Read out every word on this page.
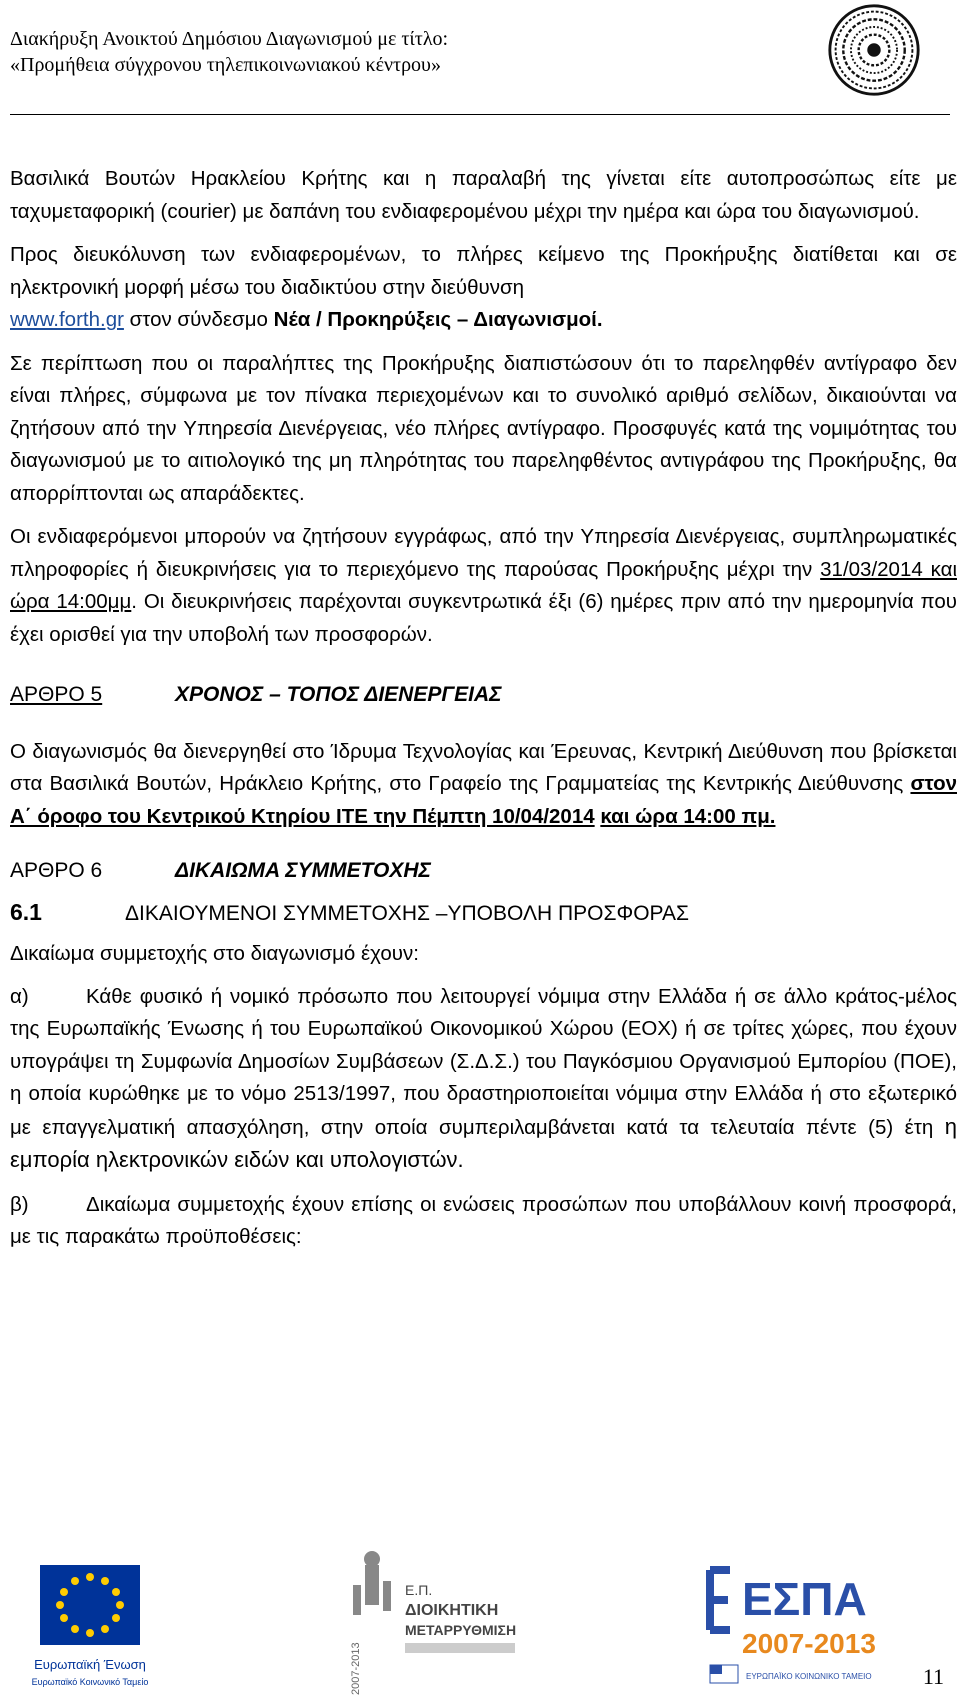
Διακήρυξη Ανοικτού Δημόσιου Διαγωνισμού με τίτλο:
«Προμήθεια σύγχρονου τηλεπικοινωνιακού κέντρου»

Βασιλικά Βουτών Ηρακλείου Κρήτης και η παραλαβή της γίνεται είτε αυτοπροσώπως είτε με ταχυμεταφορική (courier) με δαπάνη του ενδιαφερομένου μέχρι την ημέρα και ώρα του διαγωνισμού.

Προς διευκόλυνση των ενδιαφερομένων, το πλήρες κείμενο της Προκήρυξης διατίθεται και σε ηλεκτρονική μορφή μέσω του διαδικτύου στην διεύθυνση
www.forth.gr στον σύνδεσμο Νέα / Προκηρύξεις – Διαγωνισμοί.

Σε περίπτωση που οι παραλήπτες της Προκήρυξης διαπιστώσουν ότι το παρεληφθέν αντίγραφο δεν είναι πλήρες, σύμφωνα με τον πίνακα περιεχομένων και το συνολικό αριθμό σελίδων, δικαιούνται να ζητήσουν από την Υπηρεσία Διενέργειας, νέο πλήρες αντίγραφο. Προσφυγές κατά της νομιμότητας του διαγωνισμού με το αιτιολογικό της μη πληρότητας του παρεληφθέντος αντιγράφου της Προκήρυξης, θα απορρίπτονται ως απαράδεκτες.

Οι ενδιαφερόμενοι μπορούν να ζητήσουν εγγράφως, από την Υπηρεσία Διενέργειας, συμπληρωματικές πληροφορίες ή διευκρινήσεις για το περιεχόμενο της παρούσας Προκήρυξης μέχρι την 31/03/2014 και ώρα 14:00μμ. Οι διευκρινήσεις παρέχονται συγκεντρωτικά έξι (6) ημέρες πριν από την ημερομηνία που έχει ορισθεί για την υποβολή των προσφορών.

ΑΡΘΡΟ 5	ΧΡΟΝΟΣ – ΤΟΠΟΣ ΔΙΕΝΕΡΓΕΙΑΣ

Ο διαγωνισμός θα διενεργηθεί στο Ίδρυμα Τεχνολογίας και Έρευνας, Κεντρική Διεύθυνση που βρίσκεται στα Βασιλικά Βουτών, Ηράκλειο Κρήτης, στο Γραφείο της Γραμματείας της Κεντρικής Διεύθυνσης στον Α΄ όροφο του Κεντρικού Κτηρίου ΙΤΕ την Πέμπτη 10/04/2014 και ώρα 14:00 πμ.

ΑΡΘΡΟ 6	ΔΙΚΑΙΩΜΑ ΣΥΜΜΕΤΟΧΗΣ
6.1	ΔΙΚΑΙΟΥΜΕΝΟΙ ΣΥΜΜΕΤΟΧΗΣ –ΥΠΟΒΟΛΗ ΠΡΟΣΦΟΡΑΣ

Δικαίωμα συμμετοχής στο διαγωνισμό έχουν:

α)	Κάθε φυσικό ή νομικό πρόσωπο που λειτουργεί νόμιμα στην Ελλάδα ή σε άλλο κράτος-μέλος της Ευρωπαϊκής Ένωσης ή του Ευρωπαϊκού Οικονομικού Χώρου (ΕΟΧ) ή σε τρίτες χώρες, που έχουν υπογράψει τη Συμφωνία Δημοσίων Συμβάσεων (Σ.Δ.Σ.) του Παγκόσμιου Οργανισμού Εμπορίου (ΠΟΕ), η οποία κυρώθηκε με το νόμο 2513/1997, που δραστηριοποιείται νόμιμα στην Ελλάδα ή στο εξωτερικό με επαγγελματική απασχόληση, στην οποία συμπεριλαμβάνεται κατά τα τελευταία πέντε (5) έτη η εμπορία ηλεκτρονικών ειδών και υπολογιστών.

β)	Δικαίωμα συμμετοχής έχουν επίσης οι ενώσεις προσώπων που υποβάλλουν κοινή προσφορά, με τις παρακάτω προϋποθέσεις:

Ευρωπαϊκή Ένωση
Ευρωπαϊκό Κοινωνικό Ταμείο	2007-2013
Ε.Π.
ΔΙΟΙΚΗΤΙΚΗ
ΜΕΤΑΡΡΥΘΜΙΣΗ
ΕΣΠΑ
2007-2013
ΕΥΡΩΠΑΪΚΟ ΚΟΙΝΩΝΙΚΟ ΤΑΜΕΙΟ 11
